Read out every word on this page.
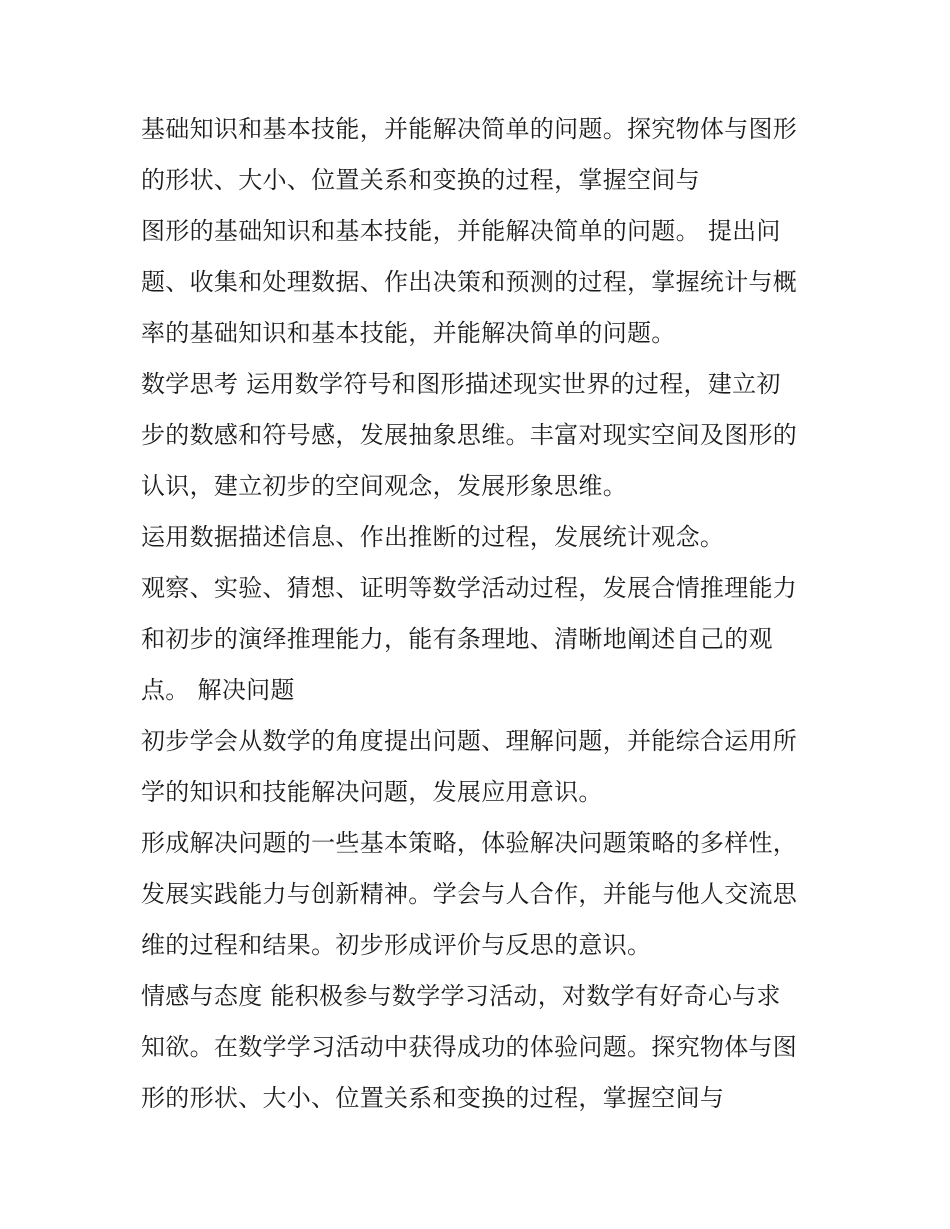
基础知识和基本技能，并能解决简单的问题。探究物体与图形
的形状、大小、位置关系和变换的过程，掌握空间与
图形的基础知识和基本技能，并能解决简单的问题。 提出问
题、收集和处理数据、作出决策和预测的过程，掌握统计与概
率的基础知识和基本技能，并能解决简单的问题。
数学思考 运用数学符号和图形描述现实世界的过程，建立初
步的数感和符号感，发展抽象思维。丰富对现实空间及图形的
认识，建立初步的空间观念，发展形象思维。
运用数据描述信息、作出推断的过程，发展统计观念。
观察、实验、猜想、证明等数学活动过程，发展合情推理能力
和初步的演绎推理能力，能有条理地、清晰地阐述自己的观
点。 解决问题
初步学会从数学的角度提出问题、理解问题，并能综合运用所
学的知识和技能解决问题，发展应用意识。
形成解决问题的一些基本策略，体验解决问题策略的多样性，
发展实践能力与创新精神。学会与人合作，并能与他人交流思
维的过程和结果。初步形成评价与反思的意识。
情感与态度 能积极参与数学学习活动，对数学有好奇心与求
知欲。在数学学习活动中获得成功的体验问题。探究物体与图
形的形状、大小、位置关系和变换的过程，掌握空间与
